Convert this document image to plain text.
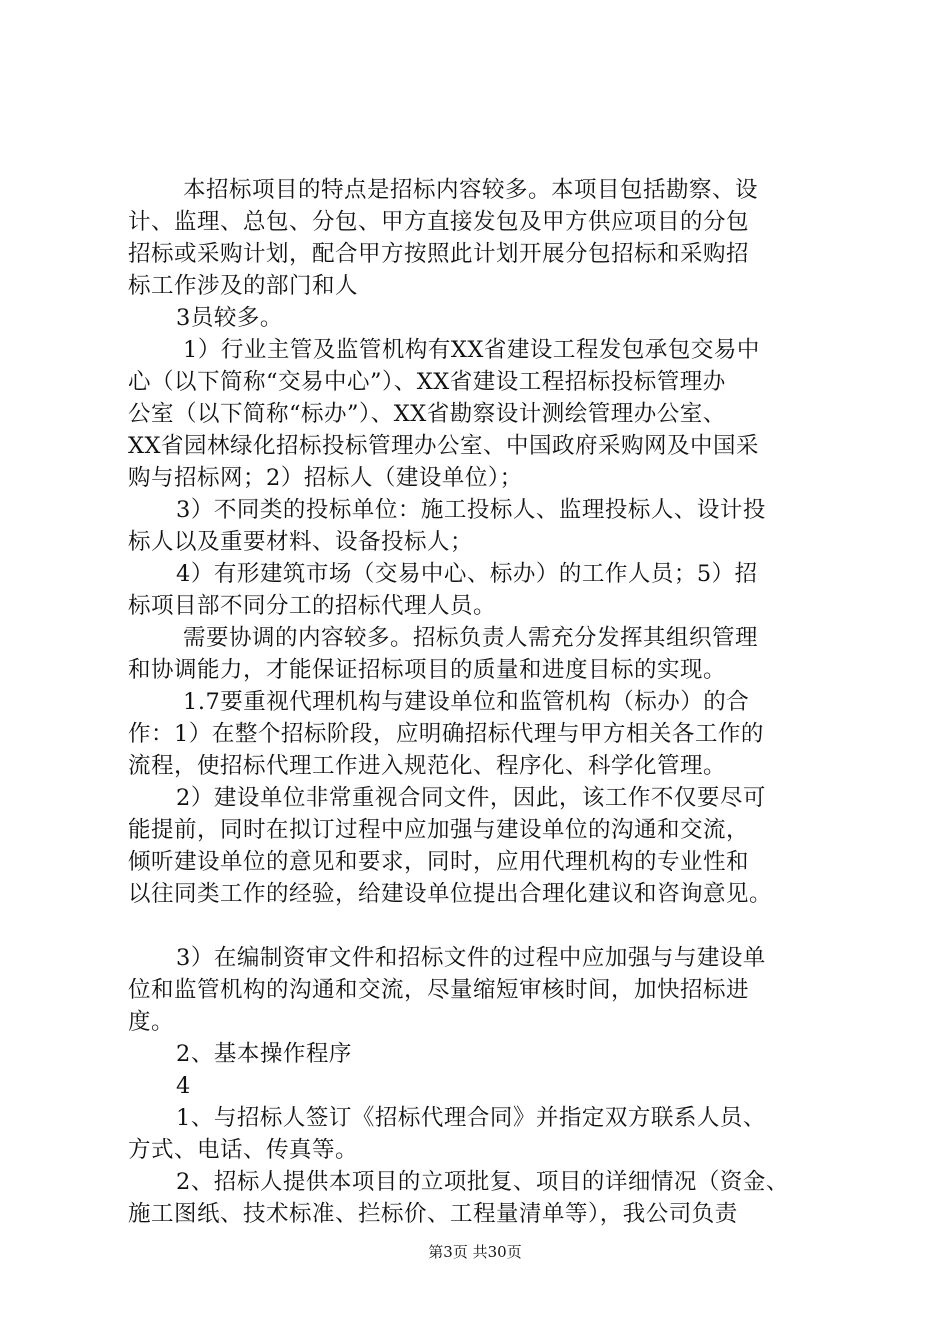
本招标项目的特点是招标内容较多。本项目包括勘察、设
计、监理、总包、分包、甲方直接发包及甲方供应项目的分包
招标或采购计划，配合甲方按照此计划开展分包招标和采购招
标工作涉及的部门和人
3员较多。
1）行业主管及监管机构有XX省建设工程发包承包交易中
心（以下简称“交易中心”）、XX省建设工程招标投标管理办
公室（以下简称“标办”）、XX省勘察设计测绘管理办公室、
XX省园林绿化招标投标管理办公室、中国政府采购网及中国采
购与招标网；2）招标人（建设单位）；
3）不同类的投标单位：施工投标人、监理投标人、设计投
标人以及重要材料、设备投标人；
4）有形建筑市场（交易中心、标办）的工作人员；5）招
标项目部不同分工的招标代理人员。
需要协调的内容较多。招标负责人需充分发挥其组织管理
和协调能力，才能保证招标项目的质量和进度目标的实现。
1.7要重视代理机构与建设单位和监管机构（标办）的合
作：1）在整个招标阶段，应明确招标代理与甲方相关各工作的
流程，使招标代理工作进入规范化、程序化、科学化管理。
2）建设单位非常重视合同文件，因此，该工作不仅要尽可
能提前，同时在拟订过程中应加强与建设单位的沟通和交流，
倾听建设单位的意见和要求，同时，应用代理机构的专业性和
以往同类工作的经验，给建设单位提出合理化建议和咨询意见。
3）在编制资审文件和招标文件的过程中应加强与与建设单
位和监管机构的沟通和交流，尽量缩短审核时间，加快招标进
度。
2、基本操作程序
4
1、与招标人签订《招标代理合同》并指定双方联系人员、
方式、电话、传真等。
2、招标人提供本项目的立项批复、项目的详细情况（资金、
施工图纸、技术标准、拦标价、工程量清单等），我公司负责
第3页 共30页
